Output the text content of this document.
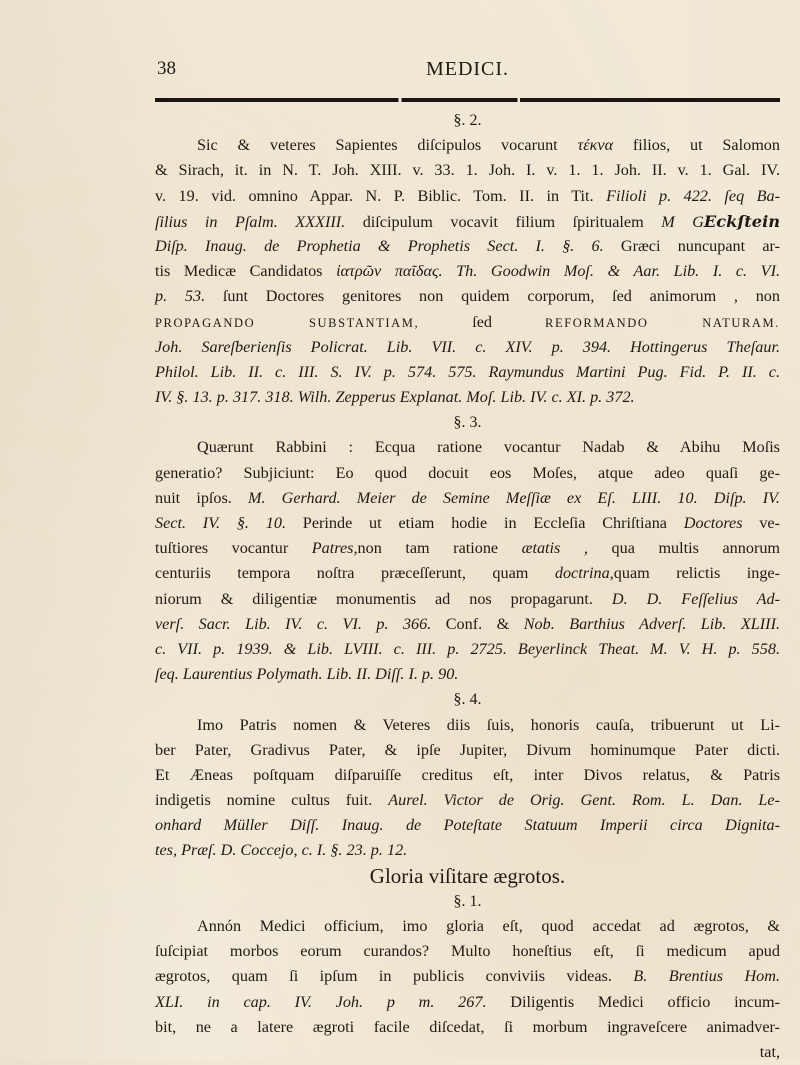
38	MEDICI.
§. 2.
Sic & veteres Sapientes diſcipulos vocarunt τέκνα filios, ut Salomon
& Sirach, it. in N. T. Joh. XIII. v. 33. 1. Joh. I. v. 1. 1. Joh. II. v. 1. Gal. IV.
v. 19. vid. omnino Appar. N. P. Biblic. Tom. II. in Tit. Filioli p. 422. ſeq Ba-
ſilius in Pſalm. XXXIII. diſcipulum vocavit filium ſpiritualem M GEckſtein
Diſp. Inaug. de Prophetia & Prophetis Sect. I. §. 6. Græci nuncupant ar-
tis Medicæ Candidatos ἰατρῶν παῖδας. Th. Goodwin Moſ. & Aar. Lib. I. c. VI.
p. 53. ſunt Doctores genitores non quidem corporum, ſed animorum , non
PROPAGANDO SUBSTANTIAM, ſed REFORMANDO NATURAM.
Joh. Sareſberienſis Policrat. Lib. VII. c. XIV. p. 394. Hottingerus Theſaur.
Philol. Lib. II. c. III. S. IV. p. 574. 575. Raymundus Martini Pug. Fid. P. II. c.
IV. §. 13. p. 317. 318. Wilh. Zepperus Explanat. Moſ. Lib. IV. c. XI. p. 372.
§. 3.
Quærunt Rabbini : Ecqua ratione vocantur Nadab & Abihu Moſis
generatio? Subjiciunt: Eo quod docuit eos Moſes, atque adeo quaſi ge-
nuit ipſos. M. Gerhard. Meier de Semine Meſſiæ ex Eſ. LIII. 10. Diſp. IV.
Sect. IV. §. 10. Perinde ut etiam hodie in Eccleſia Chriſtiana Doctores ve-
tuſtiores vocantur Patres,non tam ratione ætatis , qua multis annorum
centuriis tempora noſtra præceſſerunt, quam doctrina,quam relictis inge-
niorum & diligentiæ monumentis ad nos propagarunt. D. D. Feſſelius Ad-
verſ. Sacr. Lib. IV. c. VI. p. 366. Conf. & Nob. Barthius Adverſ. Lib. XLIII.
c. VII. p. 1939. & Lib. LVIII. c. III. p. 2725. Beyerlinck Theat. M. V. H. p. 558.
ſeq. Laurentius Polymath. Lib. II. Diſſ. I. p. 90.
§. 4.
Imo Patris nomen & Veteres diis ſuis, honoris cauſa, tribuerunt ut Li-
ber Pater, Gradivus Pater, & ipſe Jupiter, Divum hominumque Pater dicti.
Et Æneas poſtquam diſparuiſſe creditus eſt, inter Divos relatus, & Patris
indigetis nomine cultus fuit. Aurel. Victor de Orig. Gent. Rom. L. Dan. Le-
onhard Müller Diſſ. Inaug. de Poteſtate Statuum Imperii circa Dignita-
tes, Præſ. D. Coccejo, c. I. §. 23. p. 12.
Gloria viſitare ægrotos.
§. 1.
Annón Medici officium, imo gloria eſt, quod accedat ad ægrotos, &
ſuſcipiat morbos eorum curandos? Multo honeſtius eſt, ſi medicum apud
ægrotos, quam ſi ipſum in publicis conviviis videas. B. Brentius Hom.
XLI. in cap. IV. Joh. p m. 267. Diligentis Medici officio incum-
bit, ne a latere ægroti facile diſcedat, ſi morbum ingraveſcere animadver-
tat,
